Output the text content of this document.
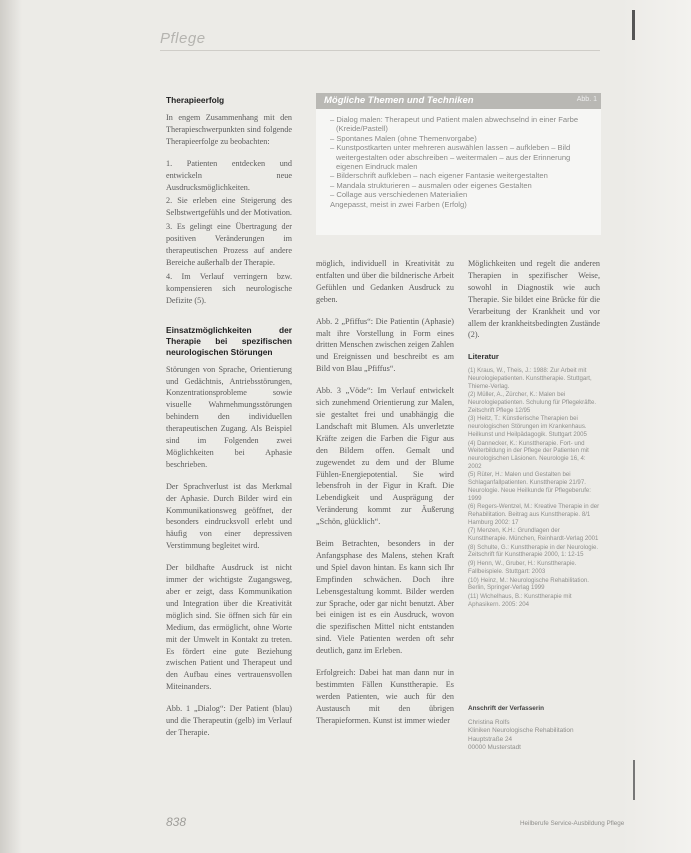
Pflege
Therapieerfolg

In engem Zusammenhang mit den Therapieschwerpunkten sind folgende Therapieerfolge zu beobachten:

1. Patienten entdecken und entwickeln neue Ausdrucksmöglichkeiten.

2. Sie erleben eine Steigerung des Selbstwertgefühls und der Motivation.

3. Es gelingt eine Übertragung der positiven Veränderungen im therapeutischen Prozess auf andere Bereiche außerhalb der Therapie.

4. Im Verlauf verringern bzw. kompensieren sich neurologische Defizite (5).

Einsatzmöglichkeiten der Therapie bei spezifischen neurologischen Störungen

Störungen von Sprache, Orientierung und Gedächtnis, Antriebsstörungen, Konzentrationsprobleme sowie visuelle Wahrnehmungsstörungen behindern den individuellen therapeutischen Zugang. Als Beispiel sind im Folgenden zwei Möglichkeiten bei Aphasie beschrieben.

Der Sprachverlust ist das Merkmal der Aphasie. Durch Bilder wird ein Kommunikationsweg geöffnet, der besonders eindrucksvoll erlebt und häufig von einer depressiven Verstimmung begleitet wird.

Der bildhafte Ausdruck ist nicht immer der wichtigste Zugangsweg, aber er zeigt, dass Kommunikation und Integration über die Kreativität möglich sind. Sie öffnen sich für ein Medium, das ermöglicht, ohne Worte mit der Umwelt in Kontakt zu treten. Es fördert eine gute Beziehung zwischen Patient und Therapeut und den Aufbau eines vertrauensvollen Miteinanders.

Abb. 1 „Dialog“: Der Patient (blau) und die Therapeutin (gelb) im Verlauf der Therapie.

Mögliche Themen und Techniken	Abb. 1
– Dialog malen: Therapeut und Patient malen abwechselnd in einer Farbe (Kreide/Pastell)
– Spontanes Malen (ohne Themenvorgabe)
– Kunstpostkarten unter mehreren auswählen lassen – aufkleben – Bild weitergestalten oder abschreiben – weitermalen – aus der Erinnerung eigenen Eindruck malen
– Bilderschrift aufkleben – nach eigener Fantasie weitergestalten
– Mandala strukturieren – ausmalen oder eigenes Gestalten
– Collage aus verschiedenen Materialien
Angepasst, meist in zwei Farben (Erfolg)

möglich, individuell in Kreativität zu entfalten und über die bildnerische Arbeit Gefühlen und Gedanken Ausdruck zu geben.

Abb. 2 „Pfiffus“: Die Patientin (Aphasie) malt ihre Vorstellung in Form eines dritten Menschen zwischen zeigen Zahlen und Ereignissen und beschreibt es am Bild von Blau „Pfiffus“.

Abb. 3 „Vöde“: Im Verlauf entwickelt sich zunehmend Orientierung zur Malen, sie gestaltet frei und unabhängig die Landschaft mit Blumen. Als unverletzte Kräfte zeigen die Farben die Figur aus den Bildern offen. Gemalt und zugewendet zu dem und der Blume Fühlen-Energiepotential. Sie wird lebensfroh in der Figur in Kraft. Die Lebendigkeit und Ausprägung der Veränderung kommt zur Äußerung „Schön, glücklich“.

Beim Betrachten, besonders in der Anfangsphase des Malens, stehen Kraft und Spiel davon hintan. Es kann sich Ihr Empfinden schwächen. Doch ihre Lebensgestaltung kommt. Bilder werden zur Sprache, oder gar nicht benutzt. Aber bei einigen ist es ein Ausdruck, wovon die spezifischen Mittel nicht entstanden sind. Viele Patienten werden oft sehr deutlich, ganz im Erleben.

Erfolgreich: Dabei hat man dann nur in bestimmten Fällen Kunsttherapie. Es werden Patienten, wie auch für den Austausch mit den übrigen Therapieformen. Kunst ist immer wieder

Möglichkeiten und regelt die anderen Therapien in spezifischer Weise, sowohl in Diagnostik wie auch Therapie. Sie bildet eine Brücke für die Verarbeitung der Krankheit und vor allem der krankheitsbedingten Zustände (2).

Literatur
(1) Kraus, W., Theis, J.: 1988: Zur Arbeit mit Neurologiepatienten. Kunsttherapie. Stuttgart, Thieme-Verlag.
(2) Müller, A., Zürcher, K.: Malen bei Neurologiepatienten. Schulung für Pflegekräfte. Zeitschrift Pflege 12/95
(3) Heitz, T.: Künstlerische Therapien bei neurologischen Störungen im Krankenhaus. Heilkunst und Heilpädagogik. Stuttgart 2005
(4) Dannecker, K.: Kunsttherapie. Fort- und Weiterbildung in der Pflege der Patienten mit neurologischen Läsionen. Neurologie 16, 4: 2002
(5) Rüter, H.: Malen und Gestalten bei Schlaganfallpatienten. Kunsttherapie 21/97. Neurologie. Neue Heilkunde für Pflegeberufe: 1999
(6) Regers-Wentzel, M.: Kreative Therapie in der Rehabilitation. Beitrag aus Kunsttherapie. 8/1 Hamburg 2002: 17
(7) Menzen, K.H.: Grundlagen der Kunsttherapie. München, Reinhardt-Verlag 2001
(8) Schulte, G.: Kunsttherapie in der Neurologie. Zeitschrift für Kunsttherapie 2000, 1: 12-15
(9) Henn, W., Gruber, H.: Kunsttherapie. Fallbeispiele. Stuttgart: 2003
(10) Heinz, M.: Neurologische Rehabilitation. Berlin, Springer-Verlag 1999
(11) Wichelhaus, B.: Kunsttherapie mit Aphasikern. 2005: 204
Anschrift der Verfasserin
Christina Rolfs
Kliniken Neurologische Rehabilitation
Hauptstraße 24
00000 Musterstadt
838	Heilberufe Service-Ausbildung Pflege
